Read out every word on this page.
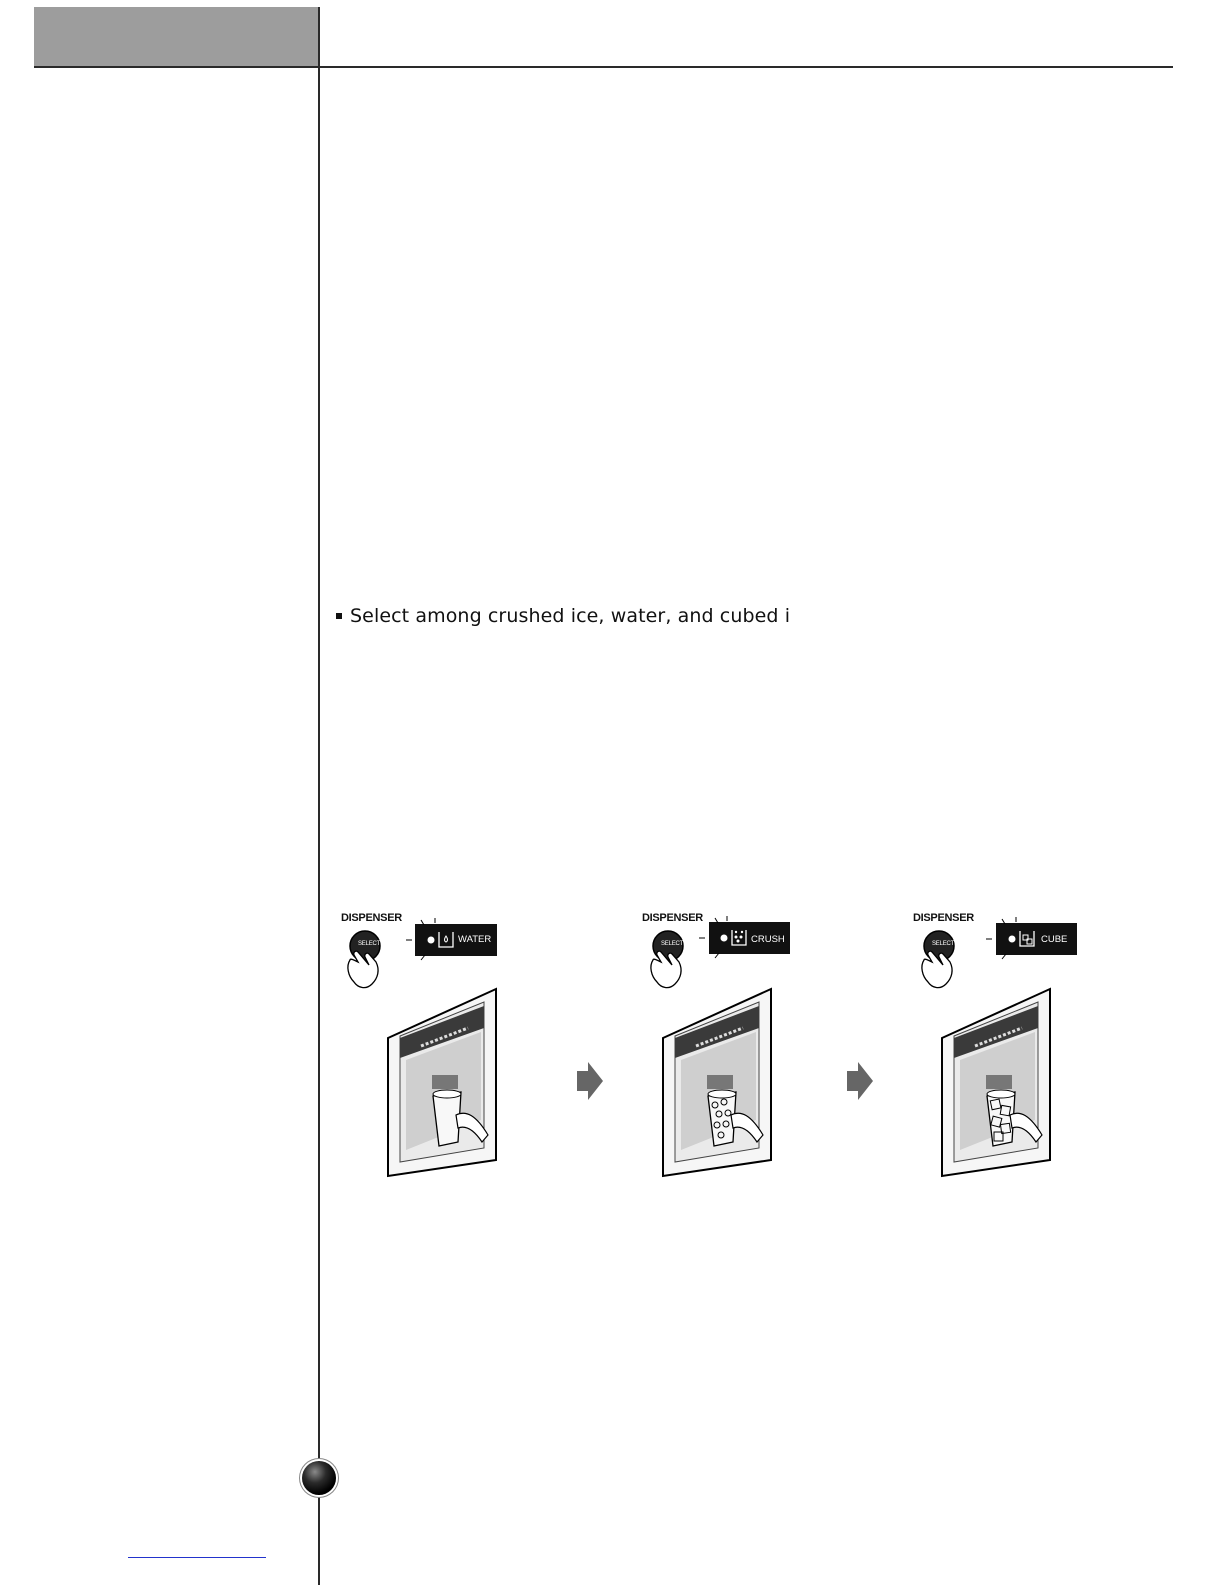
Select among crushed ice, water, and cubed i
DISPENSER
SELECT	WATER
DISPENSER
SELECT	CRUSH
DISPENSER
SELECT	CUBE
